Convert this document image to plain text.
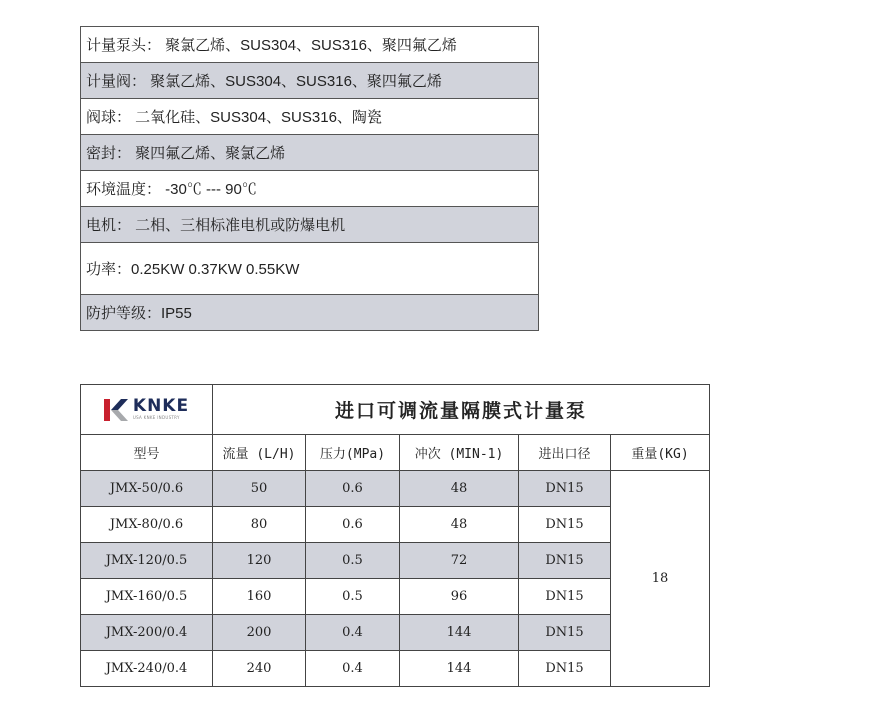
计量泵头： 聚氯乙烯、SUS304、SUS316、聚四氟乙烯
计量阀： 聚氯乙烯、SUS304、SUS316、聚四氟乙烯
阀球： 二氧化硅、SUS304、SUS316、陶瓷
密封： 聚四氟乙烯、聚氯乙烯
环境温度： -30℃ --- 90℃
电机： 二相、三相标准电机或防爆电机
功率：0.25KW 0.37KW 0.55KW
防护等级：IP55
KNKE
USA KNKE INDUSTRY	进口可调流量隔膜式计量泵				
型号	流量 (L/H)	压力(MPa)	冲次 (MIN-1)	进出口径	重量(KG)
JMX-50/0.6	50	0.6	48	DN15	18
JMX-80/0.6	80	0.6	48	DN15	
JMX-120/0.5	120	0.5	72	DN15	
JMX-160/0.5	160	0.5	96	DN15	
JMX-200/0.4	200	0.4	144	DN15	
JMX-240/0.4	240	0.4	144	DN15	
